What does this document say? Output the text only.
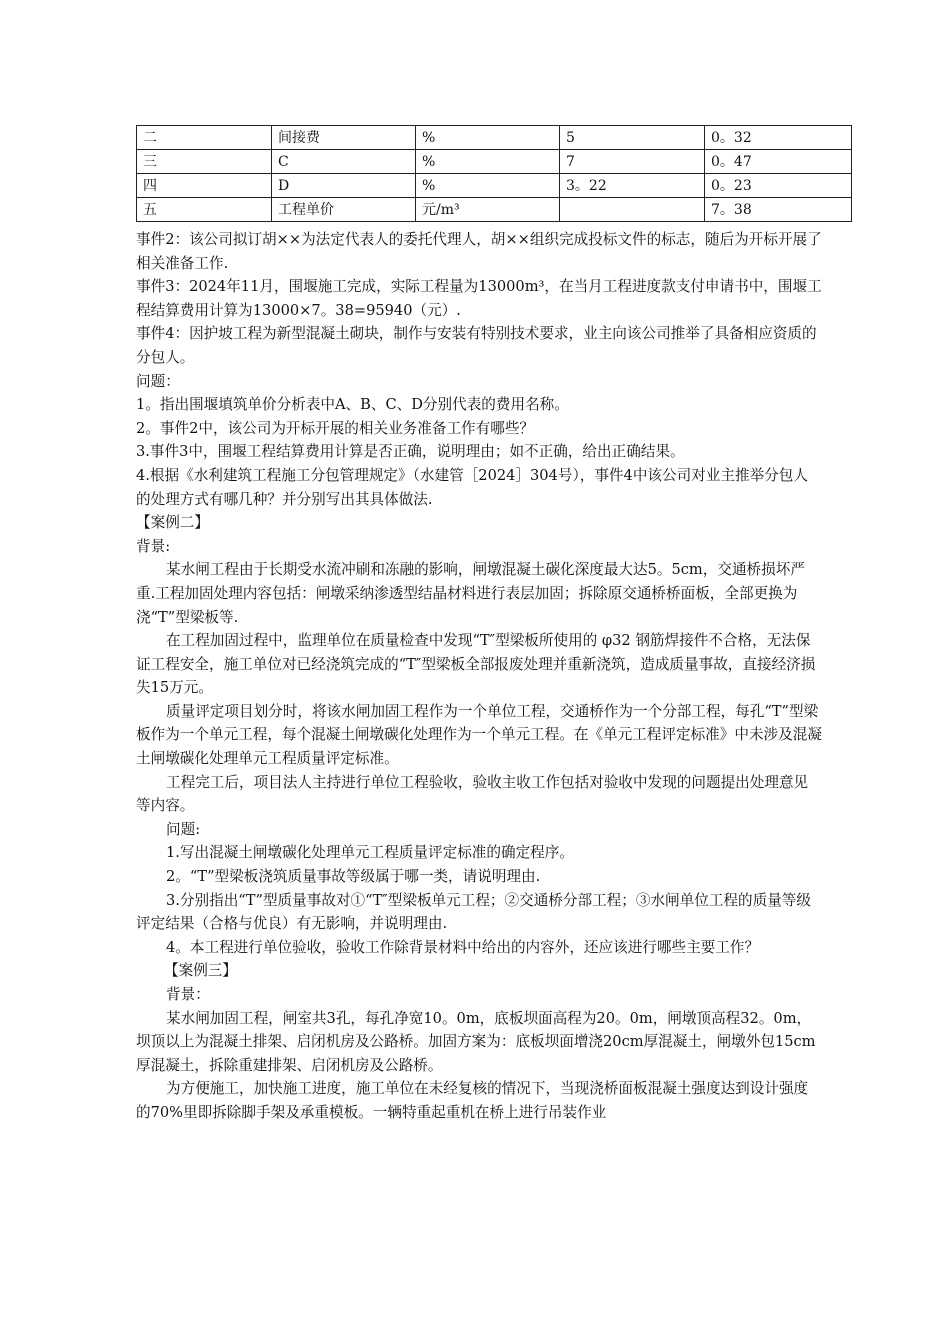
二	间接费	%	5	0。32
三	C	%	7	0。47
四	D	%	3。22	0。23
五	工程单价	元/m³		7。38

事件2：该公司拟订胡××为法定代表人的委托代理人，胡××组织完成投标文件的标志，随后为开标开展了相关准备工作.

事件3：2024年11月，围堰施工完成，实际工程量为13000m³，在当月工程进度款支付申请书中，围堰工程结算费用计算为13000×7。38=95940（元）.

事件4：因护坡工程为新型混凝土砌块，制作与安装有特别技术要求，业主向该公司推举了具备相应资质的分包人。

问题：

1。指出围堰填筑单价分析表中A、B、C、D分别代表的费用名称。

2。事件2中，该公司为开标开展的相关业务准备工作有哪些？

3.事件3中，围堰工程结算费用计算是否正确，说明理由；如不正确，给出正确结果。

4.根据《水利建筑工程施工分包管理规定》（水建管［2024］304号），事件4中该公司对业主推举分包人的处理方式有哪几种？并分别写出其具体做法.

【案例二】

背景:

某水闸工程由于长期受水流冲刷和冻融的影响，闸墩混凝土碳化深度最大达5。5cm，交通桥损坏严重.工程加固处理内容包括：闸墩采纳渗透型结晶材料进行表层加固；拆除原交通桥桥面板，全部更换为浇“T”型梁板等.

在工程加固过程中，监理单位在质量检查中发现“T″型梁板所使用的 φ32 钢筋焊接件不合格，无法保证工程安全，施工单位对已经浇筑完成的“T″型梁板全部报废处理并重新浇筑，造成质量事故，直接经济损失15万元。

质量评定项目划分时，将该水闸加固工程作为一个单位工程，交通桥作为一个分部工程，每孔“T”型梁板作为一个单元工程，每个混凝土闸墩碳化处理作为一个单元工程。在《单元工程评定标准》中未涉及混凝土闸墩碳化处理单元工程质量评定标准。

工程完工后，项目法人主持进行单位工程验收，验收主收工作包括对验收中发现的问题提出处理意见等内容。

问题:

1.写出混凝土闸墩碳化处理单元工程质量评定标准的确定程序。

2。“T”型梁板浇筑质量事故等级属于哪一类，请说明理由.

3.分别指出“T”型质量事故对①“T″型梁板单元工程；②交通桥分部工程；③水闸单位工程的质量等级评定结果（合格与优良）有无影响，并说明理由.

4。本工程进行单位验收，验收工作除背景材料中给出的内容外，还应该进行哪些主要工作？

【案例三】

背景：

某水闸加固工程，闸室共3孔，每孔净宽10。0m，底板坝面高程为20。0m，闸墩顶高程32。0m，坝顶以上为混凝土排架、启闭机房及公路桥。加固方案为：底板坝面增浇20cm厚混凝土，闸墩外包15cm厚混凝土，拆除重建排架、启闭机房及公路桥。

为方便施工，加快施工进度，施工单位在未经复核的情况下，当现浇桥面板混凝土强度达到设计强度的70%里即拆除脚手架及承重模板。一辆特重起重机在桥上进行吊装作业
